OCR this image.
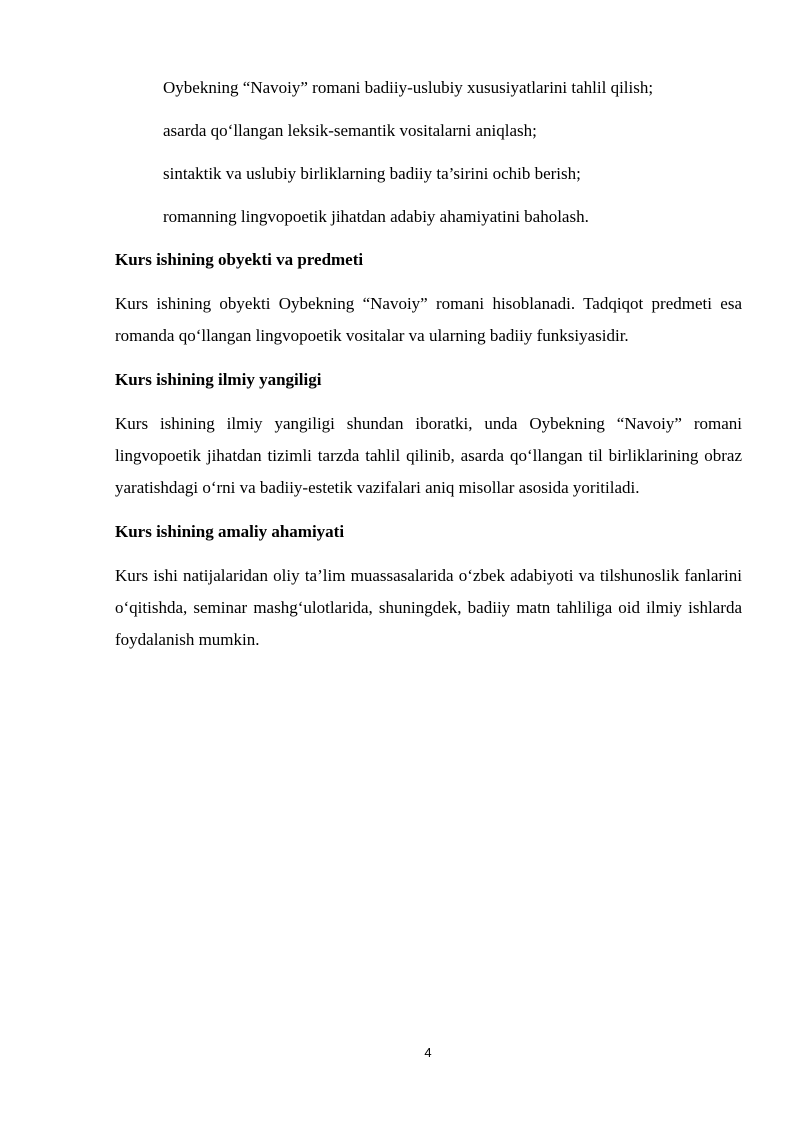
Oybekning “Navoiy” romani badiiy-uslubiy xususiyatlarini tahlil qilish;
asarda qo‘llangan leksik-semantik vositalarni aniqlash;
sintaktik va uslubiy birliklarning badiiy ta’sirini ochib berish;
romanning lingvopoetik jihatdan adabiy ahamiyatini baholash.
Kurs ishining obyekti va predmeti
Kurs ishining obyekti Oybekning “Navoiy” romani hisoblanadi. Tadqiqot predmeti esa romanda qo‘llangan lingvopoetik vositalar va ularning badiiy funksiyasidir.
Kurs ishining ilmiy yangiligi
Kurs ishining ilmiy yangiligi shundan iboratki, unda Oybekning “Navoiy” romani lingvopoetik jihatdan tizimli tarzda tahlil qilinib, asarda qo‘llangan til birliklarining obraz yaratishdagi o‘rni va badiiy-estetik vazifalari aniq misollar asosida yoritiladi.
Kurs ishining amaliy ahamiyati
Kurs ishi natijalaridan oliy ta’lim muassasalarida o‘zbek adabiyoti va tilshunoslik fanlarini o‘qitishda, seminar mashg‘ulotlarida, shuningdek, badiiy matn tahliliga oid ilmiy ishlarda foydalanish mumkin.
4
